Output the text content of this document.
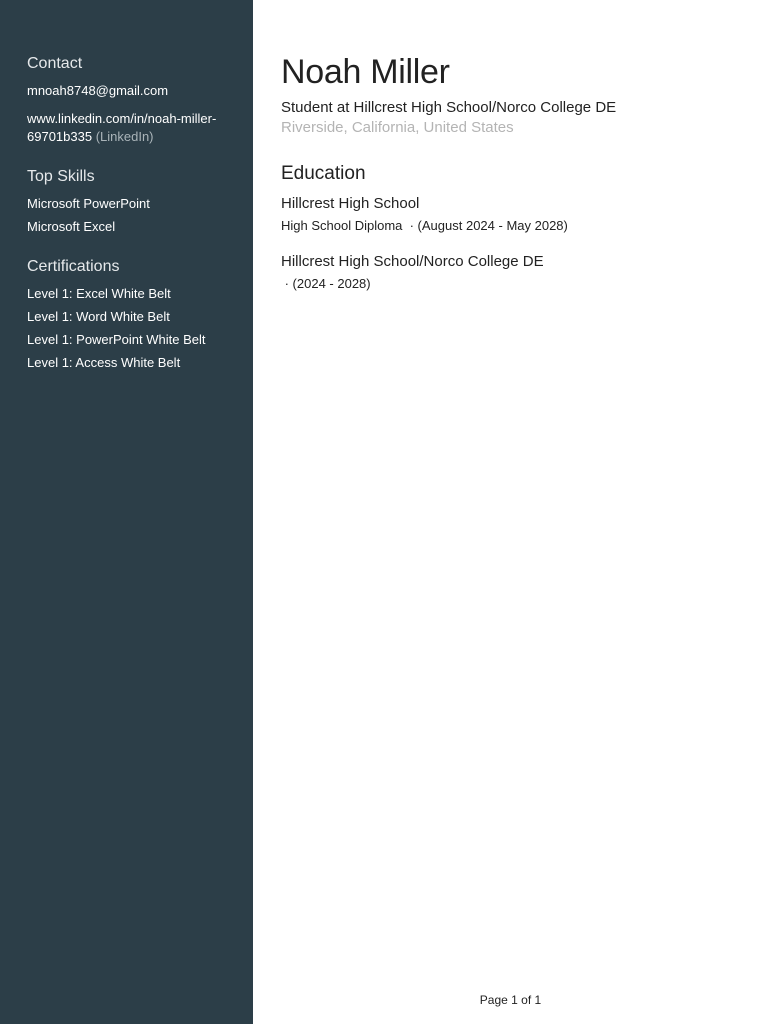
Contact
mnoah8748@gmail.com
www.linkedin.com/in/noah-miller-69701b335 (LinkedIn)
Top Skills
Microsoft PowerPoint
Microsoft Excel
Certifications
Level 1: Excel White Belt
Level 1: Word White Belt
Level 1: PowerPoint White Belt
Level 1: Access White Belt
Noah Miller
Student at Hillcrest High School/Norco College DE
Riverside, California, United States
Education
Hillcrest High School
High School Diploma  · (August 2024 - May 2028)
Hillcrest High School/Norco College DE
· (2024 - 2028)
Page 1 of 1
